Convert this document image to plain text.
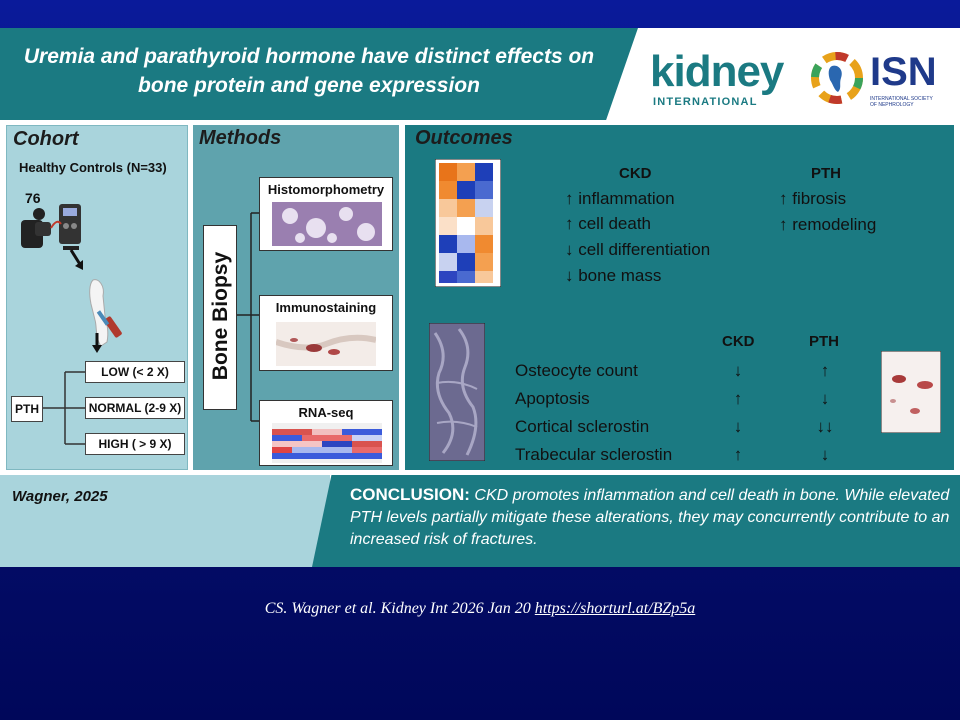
Uremia and parathyroid hormone have distinct effects on bone protein and gene expression	kidney
INTERNATIONAL
ISN
INTERNATIONAL SOCIETY OF NEPHROLOGY
Cohort
Healthy Controls (N=33)
76
PTH
LOW (< 2 X)
NORMAL (2-9 X)
HIGH ( > 9 X)
Methods
Bone Biopsy
Histomorphometry
Immunostaining
RNA-seq
Outcomes
CKD	PTH
↑ inflammation
↑ cell death
↓ cell differentiation
↓ bone mass
↑ fibrosis
↑ remodeling
CKD	PTH
Osteocyte count	↓	↑
Apoptosis	↑	↓
Cortical sclerostin	↓	↓↓
Trabecular sclerostin	↑	↓
Wagner, 2025	CONCLUSION: CKD promotes inflammation and cell death in bone. While elevated PTH levels partially mitigate these alterations, they may concurrently contribute to an increased risk of fractures.
CS. Wagner et al. Kidney Int 2026 Jan 20 https://shorturl.at/BZp5a
